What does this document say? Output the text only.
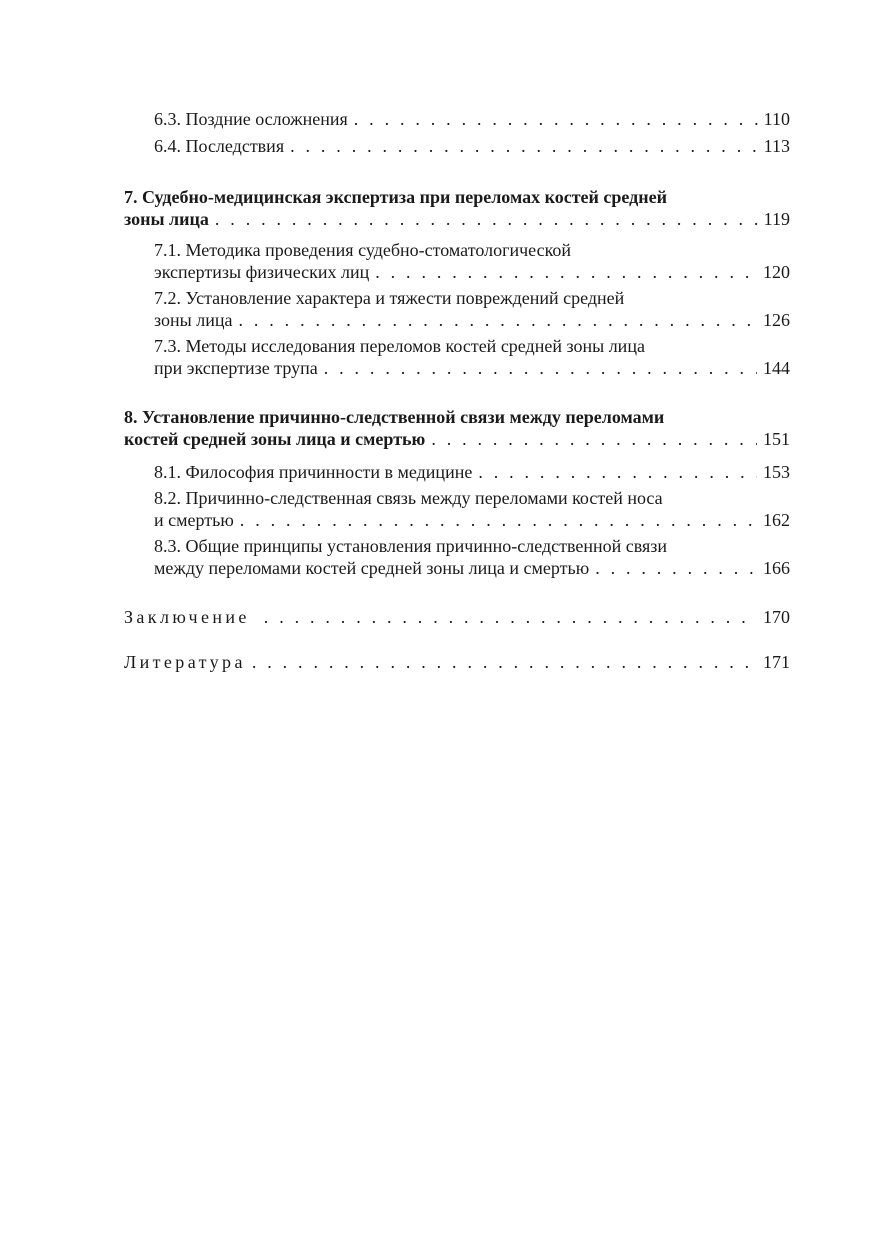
6.3. Поздние осложнения . . .	110
6.4. Последствия . . .	113
7. Судебно-медицинская экспертиза при переломах костей средней
зоны лица . . .	119
7.1. Методика проведения судебно-стоматологической
экспертизы физических лиц . . .	120
7.2. Установление характера и тяжести повреждений средней
зоны лица . . .	126
7.3. Методы исследования переломов костей средней зоны лица
при экспертизе трупа . . .	144
8. Установление причинно-следственной связи между переломами
костей средней зоны лица и смертью . . .	151
8.1. Философия причинности в медицине . . .	153
8.2. Причинно-следственная связь между переломами костей носа
и смертью . . .	162
8.3. Общие принципы установления причинно-следственной связи
между переломами костей средней зоны лица и смертью . . .	166
Заключение . . .	170
Литература . . .	171
